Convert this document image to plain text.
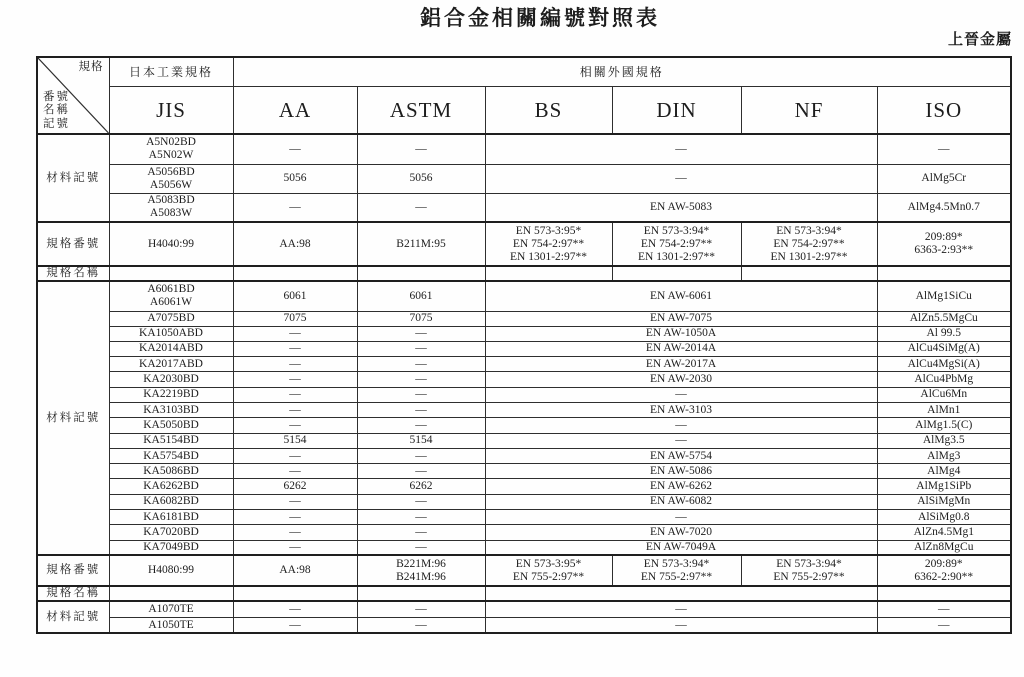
鋁合金相關編號對照表
上晉金屬
規格
番號
名稱
記號	日本工業規格	相關外國規格					
	JIS	AA	ASTM	BS	DIN	NF	ISO
材料記號	A5N02BD
A5N02W	—	—	—			—
	A5056BD
A5056W	5056	5056	—			AlMg5Cr
	A5083BD
A5083W	—	—	EN AW-5083			AlMg4.5Mn0.7
規格番號	H4040:99	AA:98	B211M:95	EN 573-3:95*
EN 754-2:97**
EN 1301-2:97**	EN 573-3:94*
EN 754-2:97**
EN 1301-2:97**	EN 573-3:94*
EN 754-2:97**
EN 1301-2:97**	209:89*
6363-2:93**
規格名稱							
材料記號	A6061BD
A6061W	6061	6061	EN AW-6061			AlMg1SiCu
	A7075BD	7075	7075	EN AW-7075			AlZn5.5MgCu
	KA1050ABD	—	—	EN AW-1050A			Al 99.5
	KA2014ABD	—	—	EN AW-2014A			AlCu4SiMg(A)
	KA2017ABD	—	—	EN AW-2017A			AlCu4MgSi(A)
	KA2030BD	—	—	EN AW-2030			AlCu4PbMg
	KA2219BD	—	—	—			AlCu6Mn
	KA3103BD	—	—	EN AW-3103			AlMn1
	KA5050BD	—	—	—			AlMg1.5(C)
	KA5154BD	5154	5154	—			AlMg3.5
	KA5754BD	—	—	EN AW-5754			AlMg3
	KA5086BD	—	—	EN AW-5086			AlMg4
	KA6262BD	6262	6262	EN AW-6262			AlMg1SiPb
	KA6082BD	—	—	EN AW-6082			AlSiMgMn
	KA6181BD	—	—	—			AlSiMg0.8
	KA7020BD	—	—	EN AW-7020			AlZn4.5Mg1
	KA7049BD	—	—	EN AW-7049A			AlZn8MgCu
規格番號	H4080:99	AA:98	B221M:96
B241M:96	EN 573-3:95*
EN 755-2:97**	EN 573-3:94*
EN 755-2:97**	EN 573-3:94*
EN 755-2:97**	209:89*
6362-2:90**
規格名稱							
材料記號	A1070TE	—	—	—			—
	A1050TE	—	—	—			—
